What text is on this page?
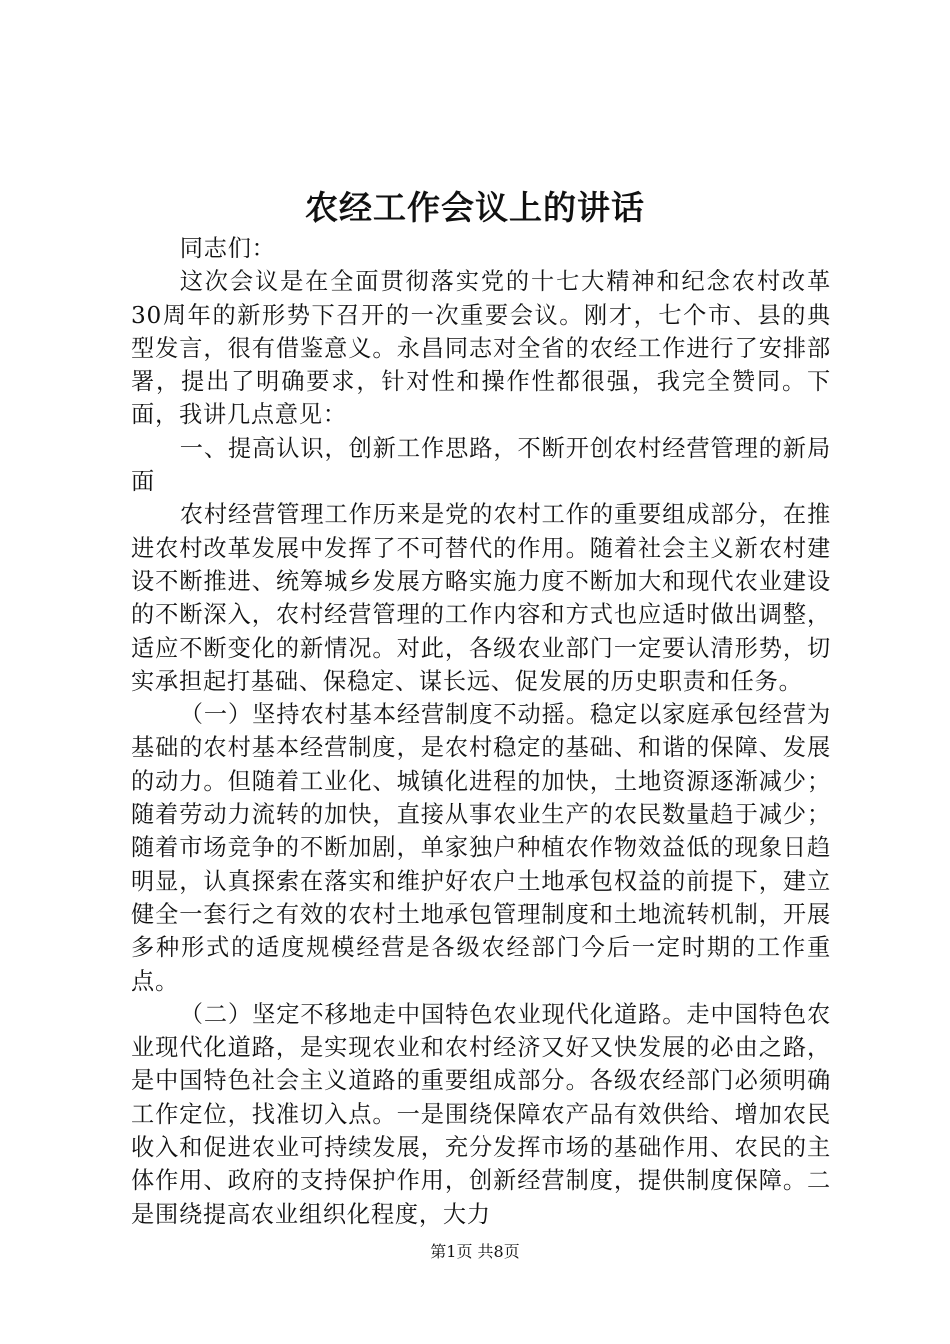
农经工作会议上的讲话

同志们：

这次会议是在全面贯彻落实党的十七大精神和纪念农村改革30周年的新形势下召开的一次重要会议。刚才，七个市、县的典型发言，很有借鉴意义。永昌同志对全省的农经工作进行了安排部署，提出了明确要求，针对性和操作性都很强，我完全赞同。下面，我讲几点意见：

一、提高认识，创新工作思路，不断开创农村经营管理的新局面

农村经营管理工作历来是党的农村工作的重要组成部分，在推进农村改革发展中发挥了不可替代的作用。随着社会主义新农村建设不断推进、统筹城乡发展方略实施力度不断加大和现代农业建设的不断深入，农村经营管理的工作内容和方式也应适时做出调整，适应不断变化的新情况。对此，各级农业部门一定要认清形势，切实承担起打基础、保稳定、谋长远、促发展的历史职责和任务。

（一）坚持农村基本经营制度不动摇。稳定以家庭承包经营为基础的农村基本经营制度，是农村稳定的基础、和谐的保障、发展的动力。但随着工业化、城镇化进程的加快，土地资源逐渐减少；随着劳动力流转的加快，直接从事农业生产的农民数量趋于减少；随着市场竞争的不断加剧，单家独户种植农作物效益低的现象日趋明显，认真探索在落实和维护好农户土地承包权益的前提下，建立健全一套行之有效的农村土地承包管理制度和土地流转机制，开展多种形式的适度规模经营是各级农经部门今后一定时期的工作重点。

（二）坚定不移地走中国特色农业现代化道路。走中国特色农业现代化道路，是实现农业和农村经济又好又快发展的必由之路，是中国特色社会主义道路的重要组成部分。各级农经部门必须明确工作定位，找准切入点。一是围绕保障农产品有效供给、增加农民收入和促进农业可持续发展，充分发挥市场的基础作用、农民的主体作用、政府的支持保护作用，创新经营制度，提供制度保障。二是围绕提高农业组织化程度，大力

第1页 共8页
